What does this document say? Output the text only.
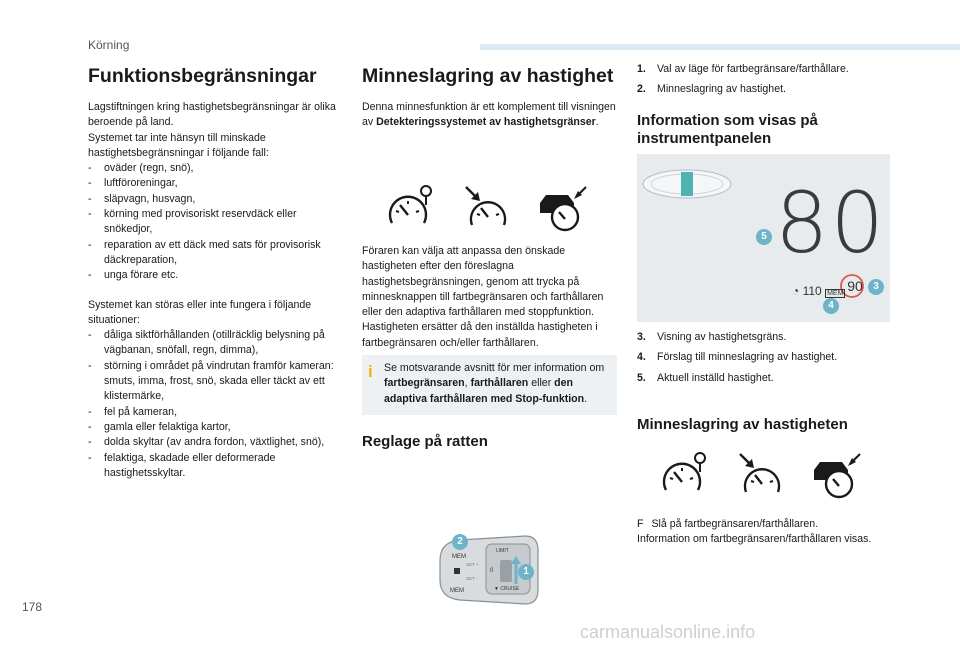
Körning
Funktionsbegränsningar

Lagstiftningen kring hastighetsbegränsningar är olika beroende på land.

Systemet tar inte hänsyn till minskade hastighetsbegränsningar i följande fall:

- oväder (regn, snö),
- luftföroreningar,
- släpvagn, husvagn,
- körning med provisoriskt reservdäck eller snökedjor,
- reparation av ett däck med sats för provisorisk däckreparation,
- unga förare etc.

Systemet kan störas eller inte fungera i följande situationer:

- dåliga siktförhållanden (otillräcklig belysning på vägbanan, snöfall, regn, dimma),
- störning i området på vindrutan framför kameran: smuts, imma, frost, snö, skada eller täckt av ett klistermärke,
- fel på kameran,
- gamla eller felaktiga kartor,
- dolda skyltar (av andra fordon, växtlighet, snö),
- felaktiga, skadade eller deformerade hastighetsskyltar.
Minneslagring av hastighet

Denna minnesfunktion är ett komplement till visningen av Detekteringssystemet av hastighetsgränser.

Föraren kan välja att anpassa den önskade hastigheten efter den föreslagna hastighetsbegränsningen, genom att trycka på minnesknappen till fartbegränsaren och farthållaren eller den adaptiva farthållaren med stoppfunktion.

Hastigheten ersätter då den inställda hastigheten i fartbegränsaren och/eller farthållaren.

i Se motsvarande avsnitt för mer information om fartbegränsaren, farthållaren eller den adaptiva farthållaren med Stop-funktion.
Reglage på ratten
MEM
MEM
LIMIT
▼ CRUISE
SET +
SET -
0
2
1
1.	Val av läge för fartbegränsare/farthållare.
2.	Minneslagring av hastighet.
Information som visas på instrumentpanelen
80
◔ 110 MEM 90	3
4
5
3.	Visning av hastighetsgräns.
4.	Förslag till minneslagring av hastighet.
5.	Aktuell inställd hastighet.
Minneslagring av hastigheten
F Slå på fartbegränsaren/farthållaren.

Information om fartbegränsaren/farthållaren visas.

178
carmanualsonline.info
